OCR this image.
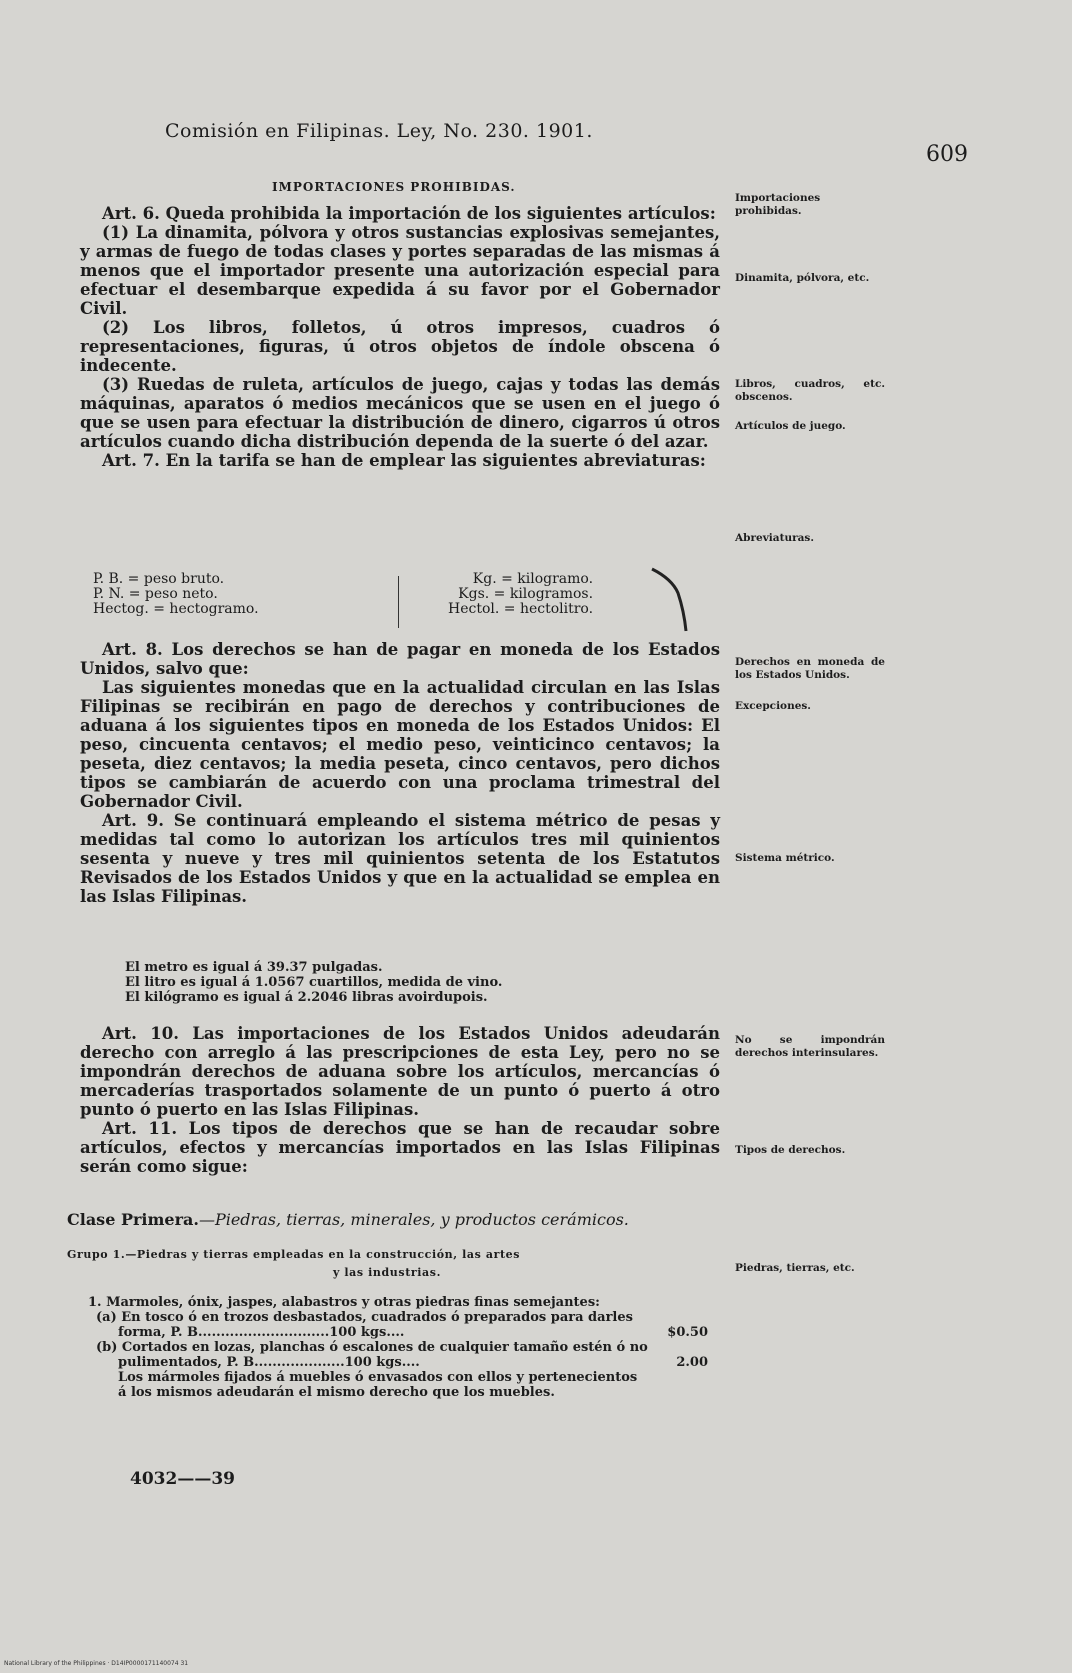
Comisión en Filipinas. Ley, No. 230. 1901.
609
IMPORTACIONES PROHIBIDAS.
Importaciones prohibidas.
Dinamita, pólvora, etc.
Libros, cuadros, etc. obscenos.
Artículos de juego.
Abreviaturas.
Derechos en moneda de los Estados Unidos.
Excepciones.
Sistema métrico.
No se impondrán derechos interinsulares.
Tipos de derechos.
Piedras, tierras, etc.

Art. 6. Queda prohibida la importación de los siguientes artículos:

(1) La dinamita, pólvora y otros sustancias explosivas semejantes, y armas de fuego de todas clases y portes separadas de las mismas á menos que el importador presente una autorización especial para efectuar el desembarque expedida á su favor por el Gobernador Civil.

(2) Los libros, folletos, ú otros impresos, cuadros ó representaciones, figuras, ú otros objetos de índole obscena ó indecente.

(3) Ruedas de ruleta, artículos de juego, cajas y todas las demás máquinas, aparatos ó medios mecánicos que se usen en el juego ó que se usen para efectuar la distribución de dinero, cigarros ú otros artículos cuando dicha distribución dependa de la suerte ó del azar.

Art. 7. En la tarifa se han de emplear las siguientes abreviaturas:

P. B. = peso bruto.
P. N. = peso neto.
Hectog. = hectogramo.
Kg. = kilogramo.
Kgs. = kilogramos.
Hectol. = hectolitro.

Art. 8. Los derechos se han de pagar en moneda de los Estados Unidos, salvo que:

Las siguientes monedas que en la actualidad circulan en las Islas Filipinas se recibirán en pago de derechos y contribuciones de aduana á los siguientes tipos en moneda de los Estados Unidos: El peso, cincuenta centavos; el medio peso, veinticinco centavos; la peseta, diez centavos; la media peseta, cinco centavos, pero dichos tipos se cambiarán de acuerdo con una proclama trimestral del Gobernador Civil.

Art. 9. Se continuará empleando el sistema métrico de pesas y medidas tal como lo autorizan los artículos tres mil quinientos sesenta y nueve y tres mil quinientos setenta de los Estatutos Revisados de los Estados Unidos y que en la actualidad se emplea en las Islas Filipinas.

El metro es igual á 39.37 pulgadas.
El litro es igual á 1.0567 cuartillos, medida de vino.
El kilógramo es igual á 2.2046 libras avoirdupois.

Art. 10. Las importaciones de los Estados Unidos adeudarán derecho con arreglo á las prescripciones de esta Ley, pero no se impondrán derechos de aduana sobre los artículos, mercancías ó mercaderías trasportados solamente de un punto ó puerto á otro punto ó puerto en las Islas Filipinas.

Art. 11. Los tipos de derechos que se han de recaudar sobre artículos, efectos y mercancías importados en las Islas Filipinas serán como sigue:

Clase Primera.—Piedras, tierras, minerales, y productos cerámicos.
Grupo 1.—Piedras y tierras empleadas en la construcción, las artes
y las industrias.
1. Marmoles, ónix, jaspes, alabastros y otras piedras finas semejantes:
(a) En tosco ó en trozos desbastados, cuadrados ó preparados para darles forma, P. B.............................100 kgs....	$0.50
(b) Cortados en lozas, planchas ó escalones de cualquier tamaño estén ó no pulimentados, P. B....................100 kgs....	2.00
Los mármoles fijados á muebles ó envasados con ellos y pertenecientos á los mismos adeudarán el mismo derecho que los muebles.
4032——39
National Library of the Philippines · D14IP0000171140074 31
